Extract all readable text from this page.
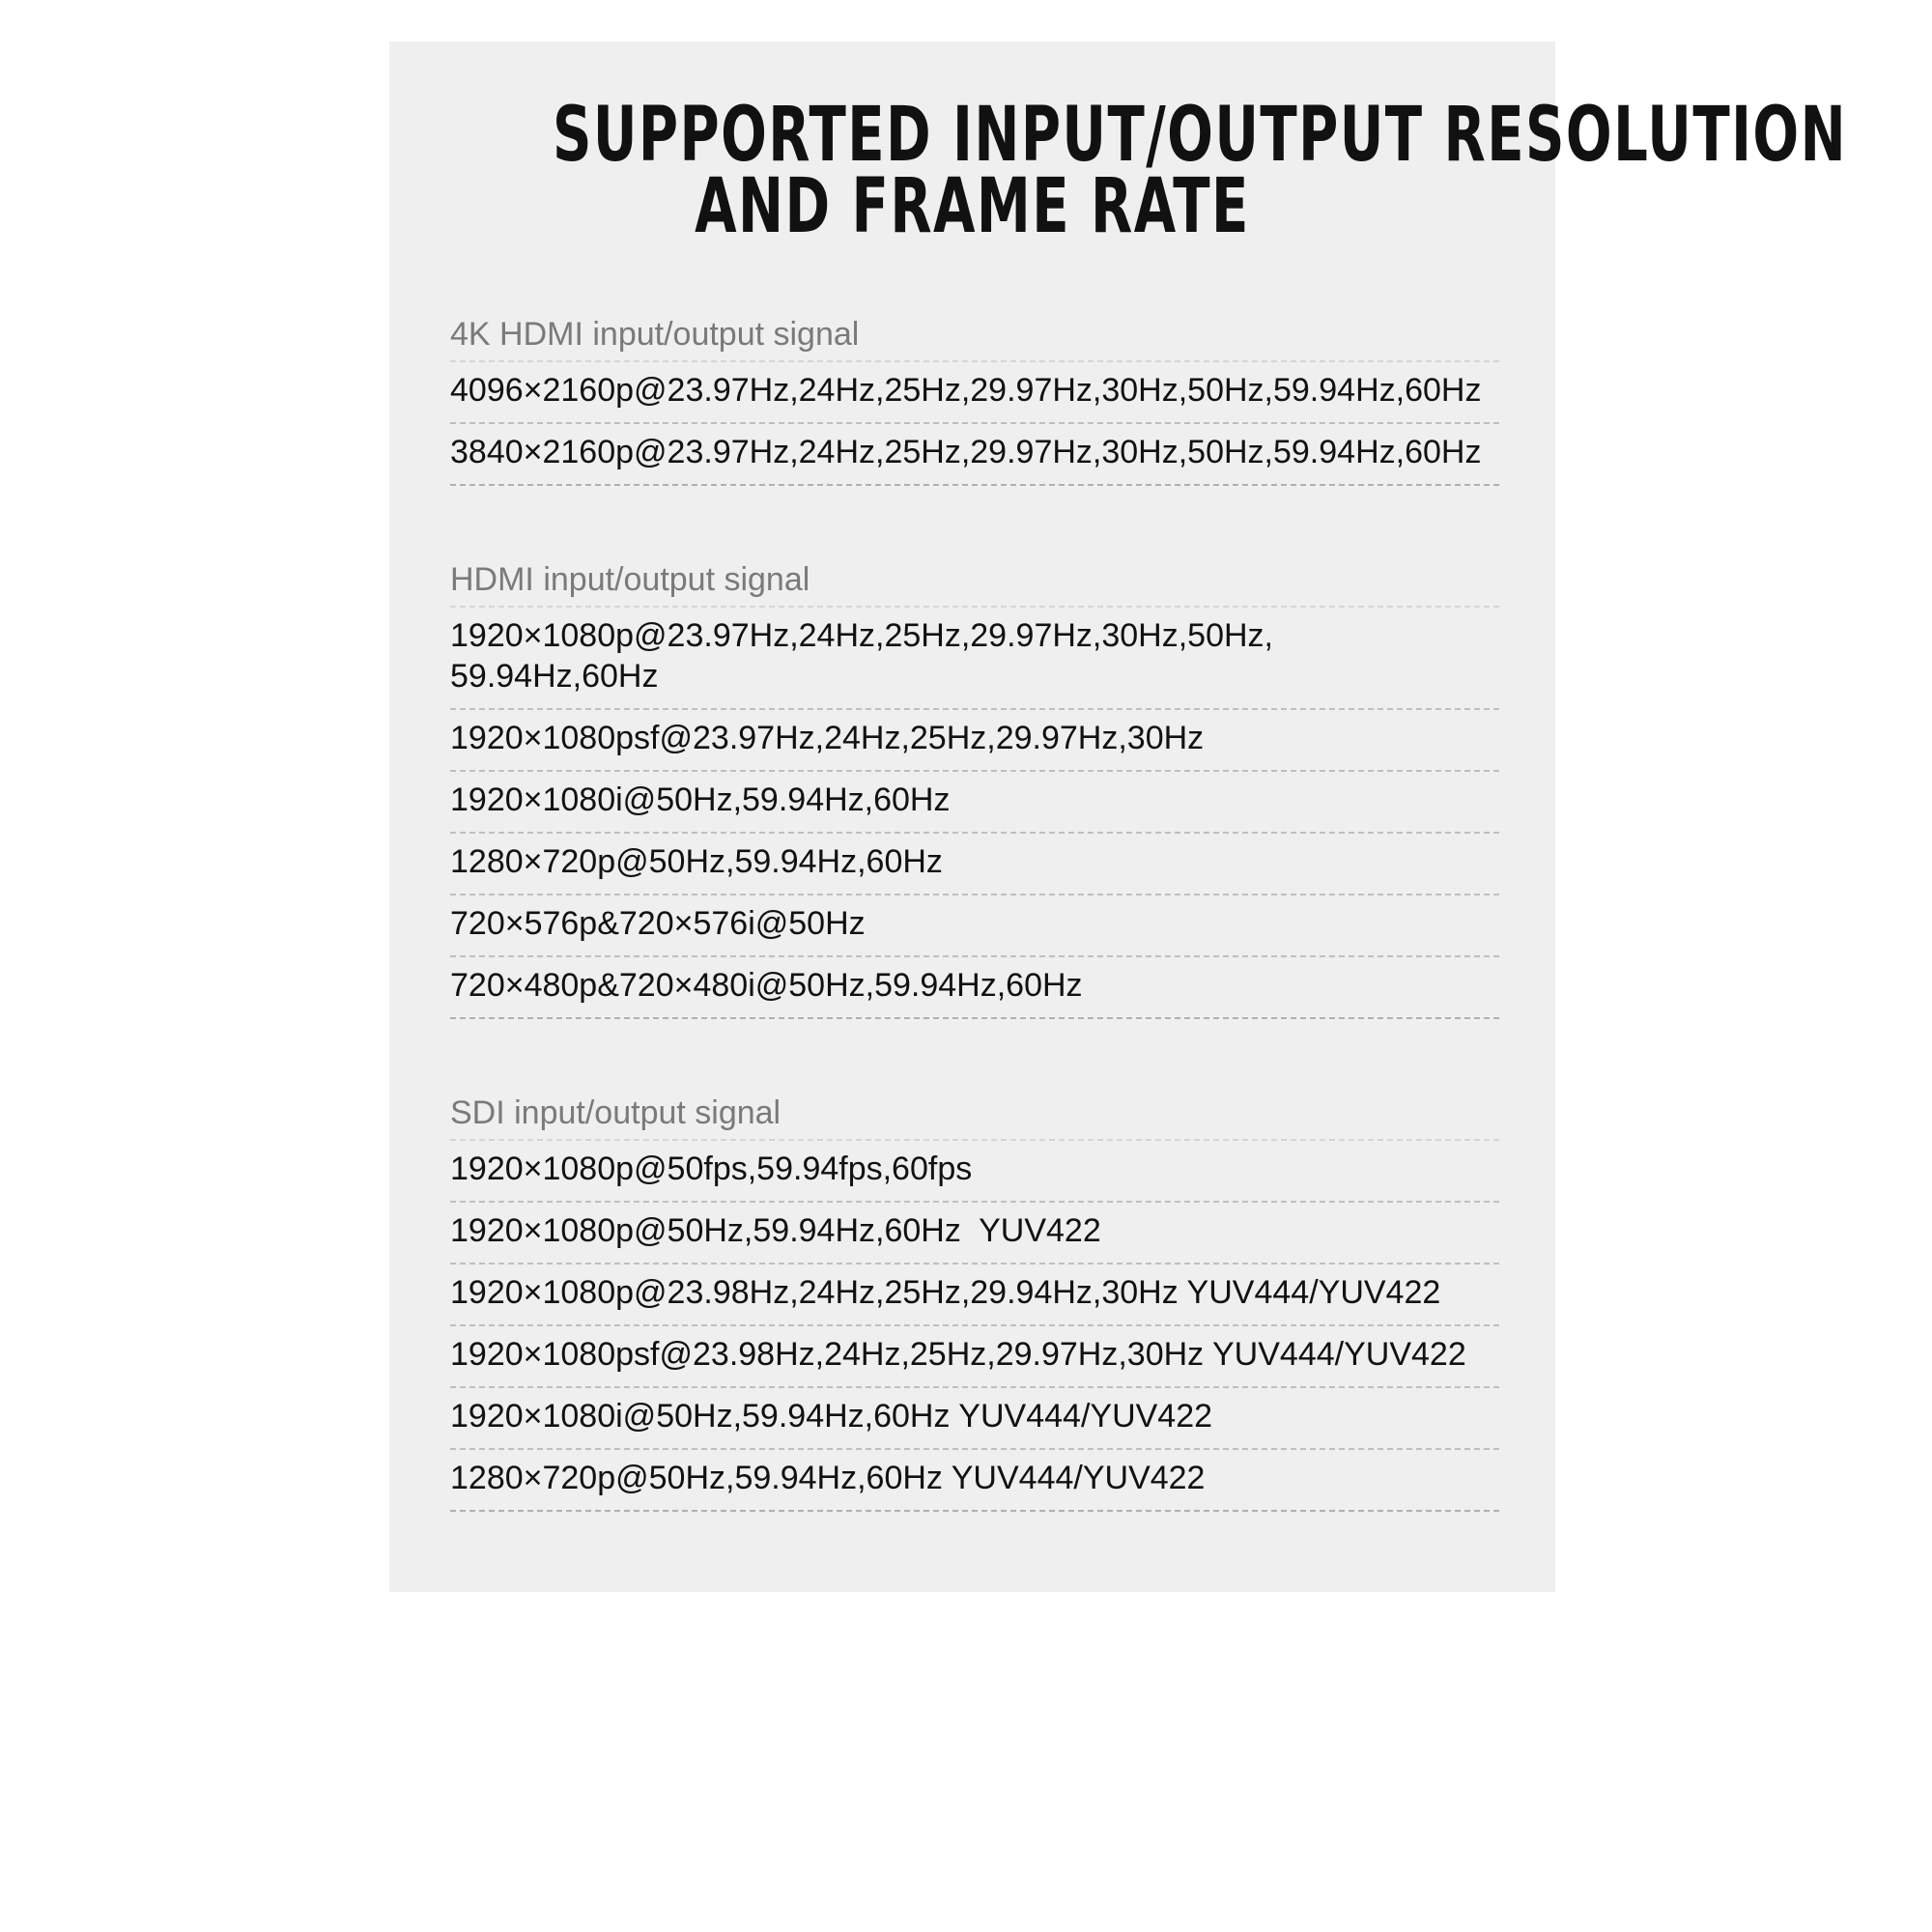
SUPPORTED INPUT/OUTPUT RESOLUTION
AND FRAME RATE
4K HDMI input/output signal
4096×2160p@23.97Hz,24Hz,25Hz,29.97Hz,30Hz,50Hz,59.94Hz,60Hz
3840×2160p@23.97Hz,24Hz,25Hz,29.97Hz,30Hz,50Hz,59.94Hz,60Hz
HDMI input/output signal
1920×1080p@23.97Hz,24Hz,25Hz,29.97Hz,30Hz,50Hz,
59.94Hz,60Hz
1920×1080psf@23.97Hz,24Hz,25Hz,29.97Hz,30Hz
1920×1080i@50Hz,59.94Hz,60Hz
1280×720p@50Hz,59.94Hz,60Hz
720×576p&720×576i@50Hz
720×480p&720×480i@50Hz,59.94Hz,60Hz
SDI input/output signal
1920×1080p@50fps,59.94fps,60fps
1920×1080p@50Hz,59.94Hz,60Hz  YUV422
1920×1080p@23.98Hz,24Hz,25Hz,29.94Hz,30Hz YUV444/YUV422
1920×1080psf@23.98Hz,24Hz,25Hz,29.97Hz,30Hz YUV444/YUV422
1920×1080i@50Hz,59.94Hz,60Hz YUV444/YUV422
1280×720p@50Hz,59.94Hz,60Hz YUV444/YUV422
